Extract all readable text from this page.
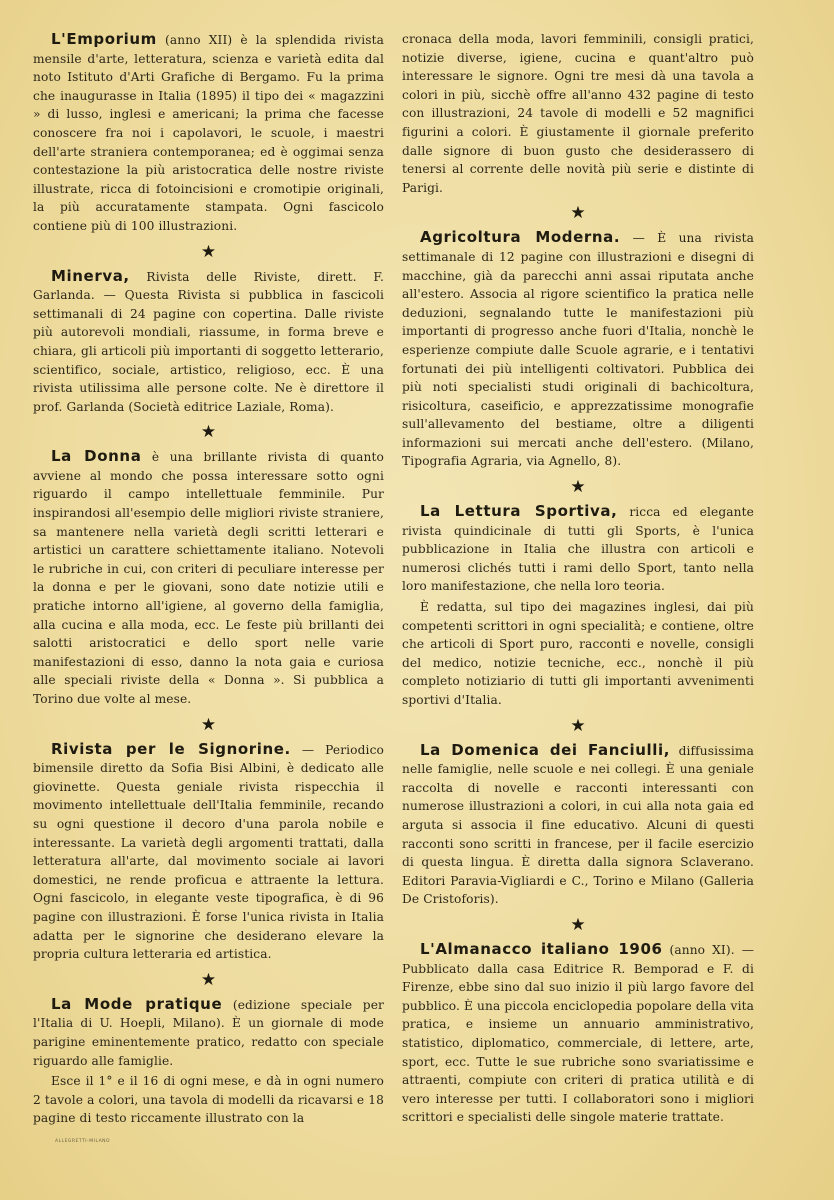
L'Emporium (anno XII) è la splendida rivista mensile d'arte, letteratura, scienza e varietà edita dal noto Istituto d'Arti Grafiche di Bergamo. Fu la prima che inaugurasse in Italia (1895) il tipo dei « magazzini » di lusso, inglesi e americani; la prima che facesse conoscere fra noi i capolavori, le scuole, i maestri dell'arte straniera contemporanea; ed è oggimai senza contestazione la più aristocratica delle nostre riviste illustrate, ricca di fotoincisioni e cromotipie originali, la più accuratamente stampata. Ogni fascicolo contiene più di 100 illustrazioni.

★

Minerva, Rivista delle Riviste, dirett. F. Garlanda. — Questa Rivista si pubblica in fascicoli settimanali di 24 pagine con copertina. Dalle riviste più autorevoli mondiali, riassume, in forma breve e chiara, gli articoli più importanti di soggetto letterario, scientifico, sociale, artistico, religioso, ecc. È una rivista utilissima alle persone colte. Ne è direttore il prof. Garlanda (Società editrice Laziale, Roma).

★

La Donna è una brillante rivista di quanto avviene al mondo che possa interessare sotto ogni riguardo il campo intellettuale femminile. Pur inspirandosi all'esempio delle migliori riviste straniere, sa mantenere nella varietà degli scritti letterari e artistici un carattere schiettamente italiano. Notevoli le rubriche in cui, con criteri di peculiare interesse per la donna e per le giovani, sono date notizie utili e pratiche intorno all'igiene, al governo della famiglia, alla cucina e alla moda, ecc. Le feste più brillanti dei salotti aristocratici e dello sport nelle varie manifestazioni di esso, danno la nota gaia e curiosa alle speciali riviste della « Donna ». Si pubblica a Torino due volte al mese.

★

Rivista per le Signorine. — Periodico bimensile diretto da Sofia Bisi Albini, è dedicato alle giovinette. Questa geniale rivista rispecchia il movimento intellettuale dell'Italia femminile, recando su ogni questione il decoro d'una parola nobile e interessante. La varietà degli argomenti trattati, dalla letteratura all'arte, dal movimento sociale ai lavori domestici, ne rende proficua e attraente la lettura. Ogni fascicolo, in elegante veste tipografica, è di 96 pagine con illustrazioni. È forse l'unica rivista in Italia adatta per le signorine che desiderano elevare la propria cultura letteraria ed artistica.

★

La Mode pratique (edizione speciale per l'Italia di U. Hoepli, Milano). È un giornale di mode parigine eminentemente pratico, redatto con speciale riguardo alle famiglie.

Esce il 1° e il 16 di ogni mese, e dà in ogni numero 2 tavole a colori, una tavola di modelli da ricavarsi e 18 pagine di testo riccamente illustrato con la

cronaca della moda, lavori femminili, consigli pratici, notizie diverse, igiene, cucina e quant'altro può interessare le signore. Ogni tre mesi dà una tavola a colori in più, sicchè offre all'anno 432 pagine di testo con illustrazioni, 24 tavole di modelli e 52 magnifici figurini a colori. È giustamente il giornale preferito dalle signore di buon gusto che desiderassero di tenersi al corrente delle novità più serie e distinte di Parigi.

★

Agricoltura Moderna. — È una rivista settimanale di 12 pagine con illustrazioni e disegni di macchine, già da parecchi anni assai riputata anche all'estero. Associa al rigore scientifico la pratica nelle deduzioni, segnalando tutte le manifestazioni più importanti di progresso anche fuori d'Italia, nonchè le esperienze compiute dalle Scuole agrarie, e i tentativi fortunati dei più intelligenti coltivatori. Pubblica dei più noti specialisti studi originali di bachicoltura, risicoltura, caseificio, e apprezzatissime monografie sull'allevamento del bestiame, oltre a diligenti informazioni sui mercati anche dell'estero. (Milano, Tipografia Agraria, via Agnello, 8).

★

La Lettura Sportiva, ricca ed elegante rivista quindicinale di tutti gli Sports, è l'unica pubblicazione in Italia che illustra con articoli e numerosi clichés tutti i rami dello Sport, tanto nella loro manifestazione, che nella loro teoria.

È redatta, sul tipo dei magazines inglesi, dai più competenti scrittori in ogni specialità; e contiene, oltre che articoli di Sport puro, racconti e novelle, consigli del medico, notizie tecniche, ecc., nonchè il più completo notiziario di tutti gli importanti avvenimenti sportivi d'Italia.

★

La Domenica dei Fanciulli, diffusissima nelle famiglie, nelle scuole e nei collegi. È una geniale raccolta di novelle e racconti interessanti con numerose illustrazioni a colori, in cui alla nota gaia ed arguta si associa il fine educativo. Alcuni di questi racconti sono scritti in francese, per il facile esercizio di questa lingua. È diretta dalla signora Sclaverano. Editori Paravia-Vigliardi e C., Torino e Milano (Galleria De Cristoforis).

★

L'Almanacco italiano 1906 (anno XI). — Pubblicato dalla casa Editrice R. Bemporad e F. di Firenze, ebbe sino dal suo inizio il più largo favore del pubblico. È una piccola enciclopedia popolare della vita pratica, e insieme un annuario amministrativo, statistico, diplomatico, commerciale, di lettere, arte, sport, ecc. Tutte le sue rubriche sono svariatissime e attraenti, compiute con criteri di pratica utilità e di vero interesse per tutti. I collaboratori sono i migliori scrittori e specialisti delle singole materie trattate.

ALLEGRETTI-MILANO
